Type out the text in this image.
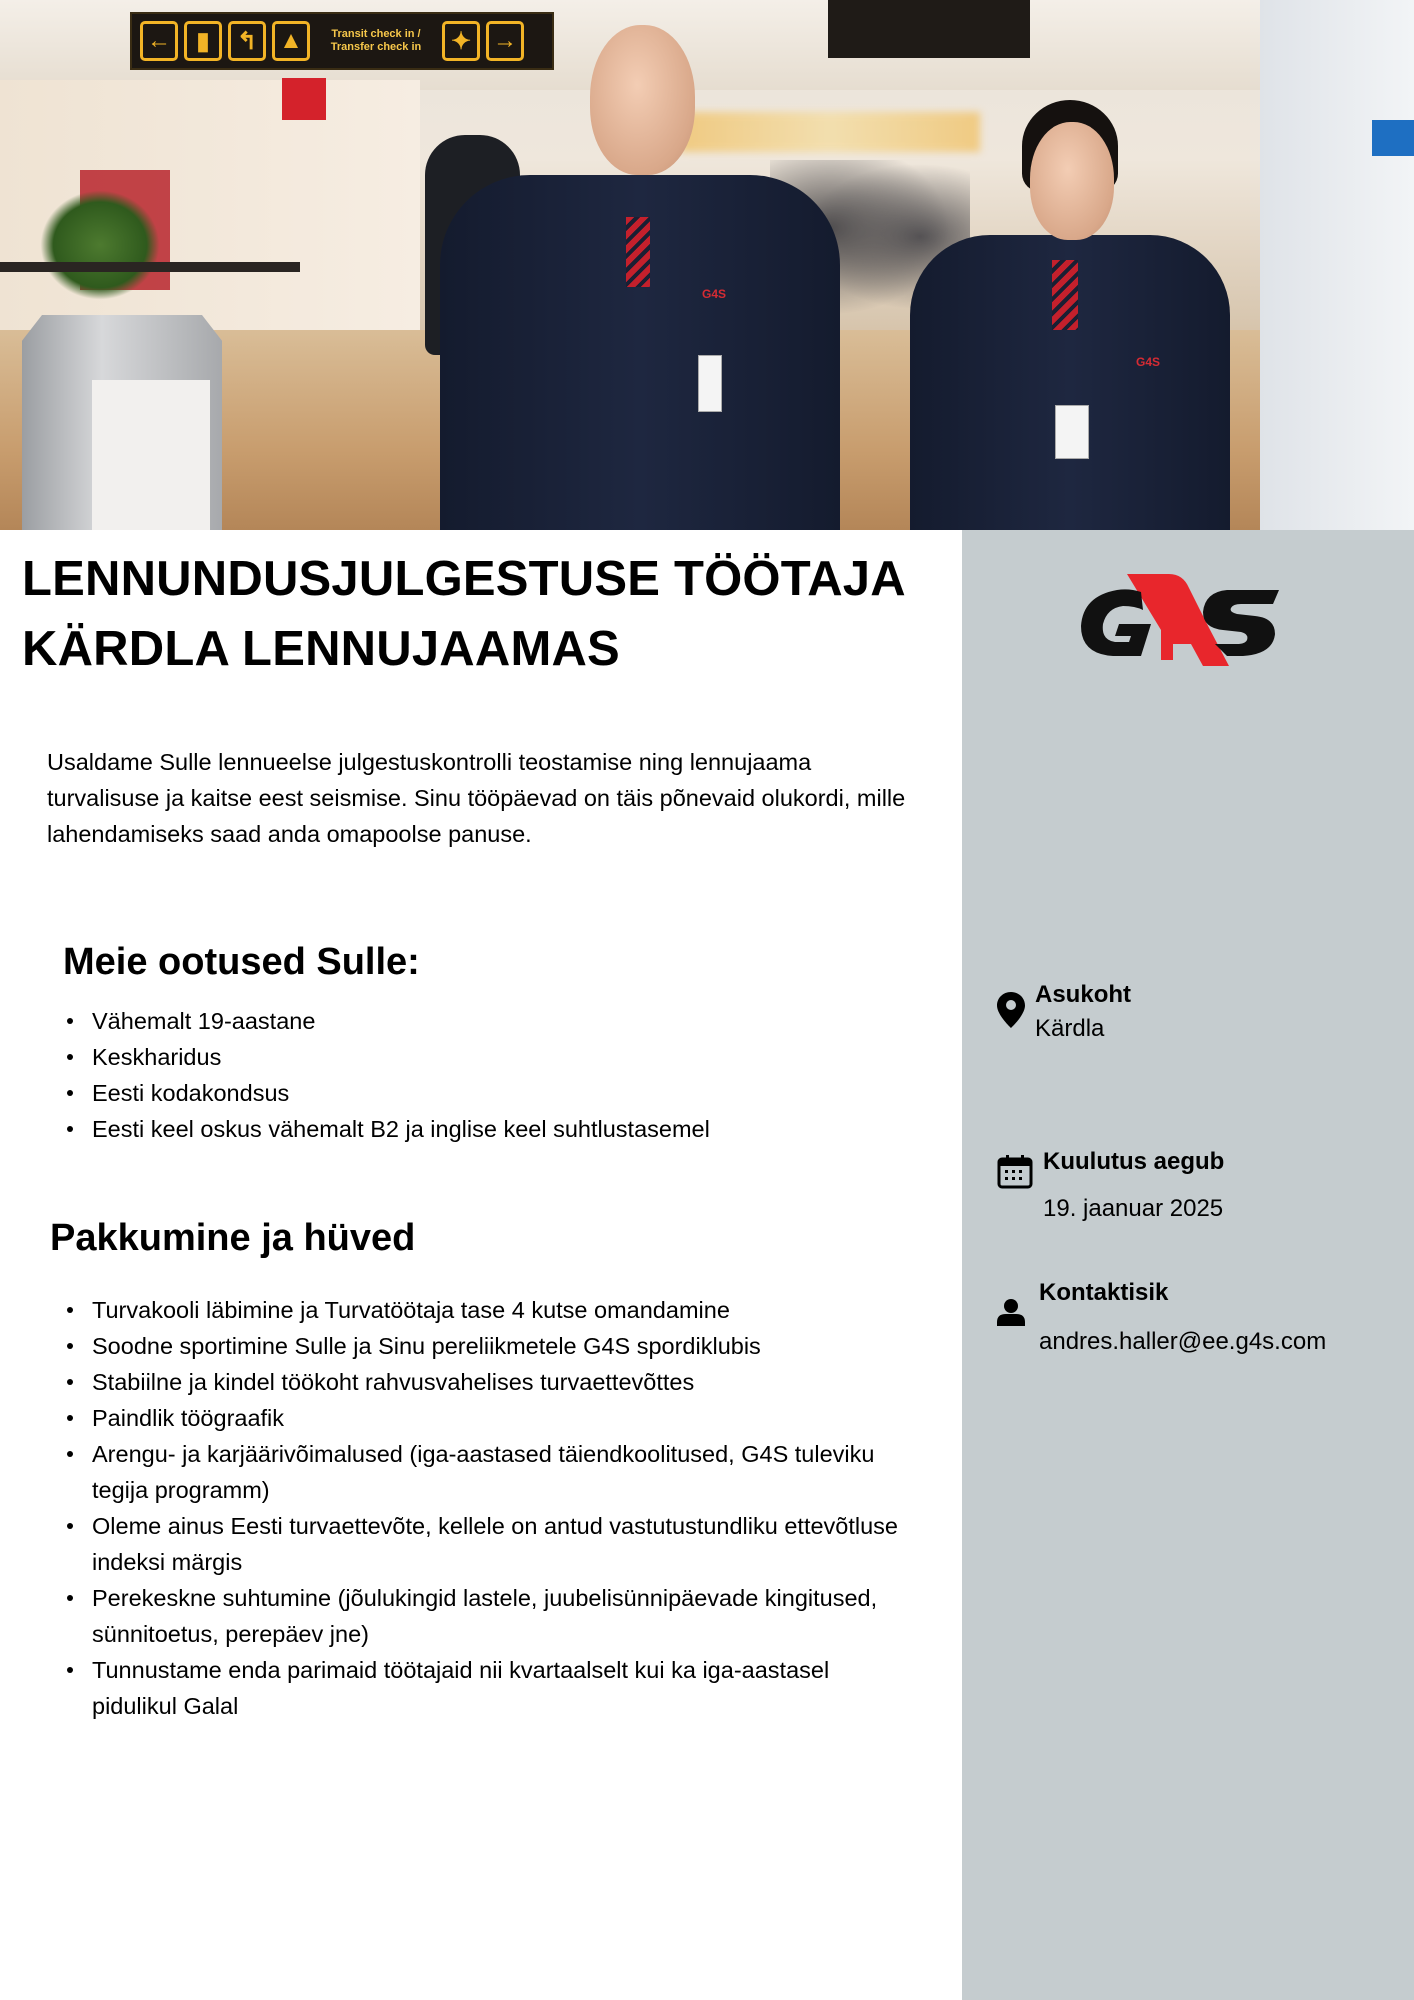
←	▮	↰ ▲	Transit check in / Transfer check in	✦ →
G4S
G4S
LENNUNDUSJULGESTUSE TÖÖTAJA
KÄRDLA LENNUJAAMAS

Usaldame Sulle lennueelse julgestuskontrolli teostamise ning lennujaama turvalisuse ja kaitse eest seismise. Sinu tööpäevad on täis põnevaid olukordi, mille lahendamiseks saad anda omapoolse panuse.

Meie ootused Sulle:
Vähemalt 19-aastane
Keskharidus
Eesti kodakondsus
Eesti keel oskus vähemalt B2 ja inglise keel suhtlustasemel
Pakkumine ja hüved
Turvakooli läbimine ja Turvatöötaja tase 4 kutse omandamine
Soodne sportimine Sulle ja Sinu pereliikmetele G4S spordiklubis
Stabiilne ja kindel töökoht rahvusvahelises turvaettevõttes
Paindlik töögraafik
Arengu- ja karjäärivõimalused (iga-aastased täiendkoolitused, G4S tuleviku tegija programm)
Oleme ainus Eesti turvaettevõte, kellele on antud vastutustundliku ettevõtluse indeksi märgis
Perekeskne suhtumine (jõulukingid lastele, juubelisünnipäevade kingitused, sünnitoetus, perepäev jne)
Tunnustame enda parimaid töötajaid nii kvartaalselt kui ka iga-aastasel pidulikul Galal

Asukoht

Kärdla

Kuulutus aegub

19. jaanuar 2025

Kontaktisik

andres.haller@ee.g4s.com
